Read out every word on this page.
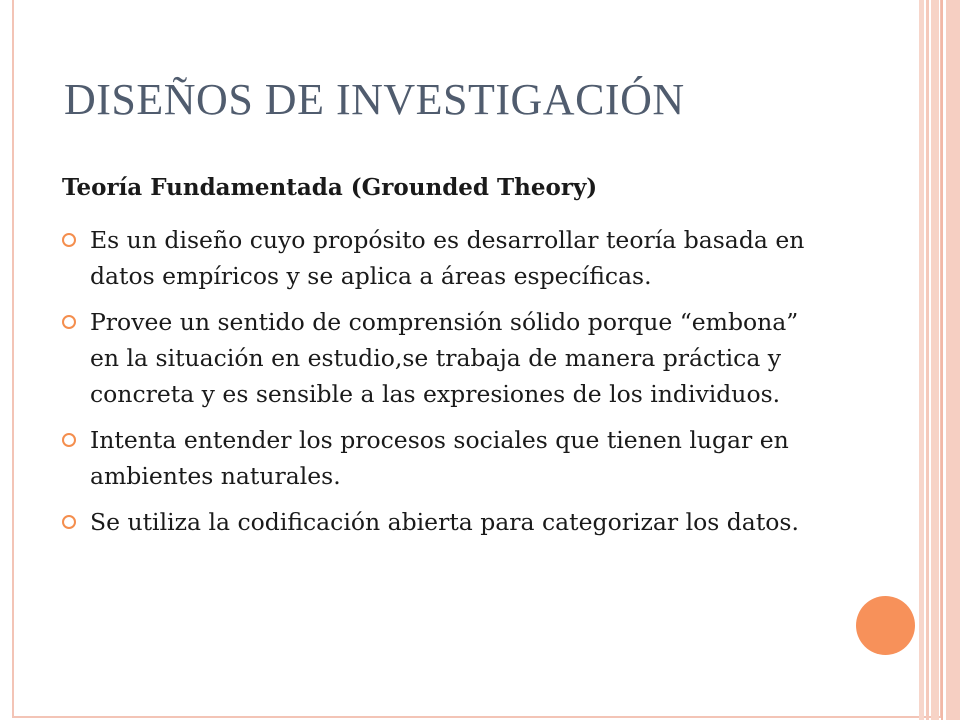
DISEÑOS DE INVESTIGACIÓN
Teoría Fundamentada (Grounded Theory)
Es un diseño cuyo propósito es desarrollar teoría basada en datos empíricos y se aplica a áreas específicas.
Provee un sentido de comprensión sólido porque “embona” en la situación en estudio,se trabaja de manera práctica y concreta y es sensible a las expresiones de los individuos.
Intenta entender los procesos sociales que tienen lugar en ambientes naturales.
Se utiliza la codificación abierta para categorizar los datos.
